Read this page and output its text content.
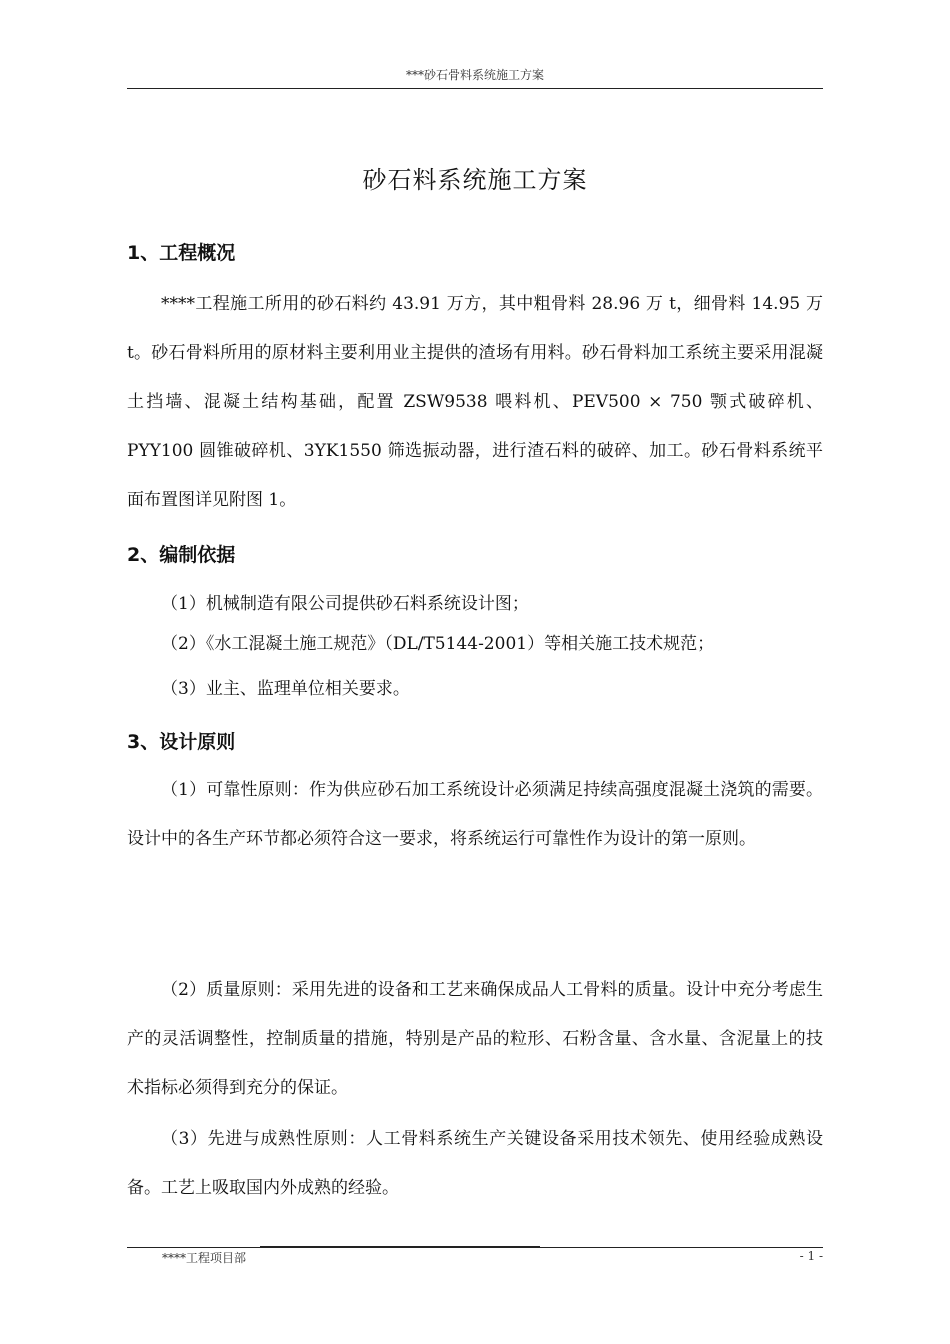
***砂石骨料系统施工方案
砂石料系统施工方案
1、工程概况

****工程施工所用的砂石料约 43.91 万方，其中粗骨料 28.96 万 t，细骨料 14.95 万 t。砂石骨料所用的原材料主要利用业主提供的渣场有用料。砂石骨料加工系统主要采用混凝土挡墙、混凝土结构基础，配置 ZSW9538 喂料机、PEV500 × 750 颚式破碎机、PYY100 圆锥破碎机、3YK1550 筛选振动器，进行渣石料的破碎、加工。砂石骨料系统平面布置图详见附图 1。

2、编制依据

（1）机械制造有限公司提供砂石料系统设计图；

（2）《水工混凝土施工规范》（DL/T5144-2001）等相关施工技术规范；

（3）业主、监理单位相关要求。

3、设计原则

（1）可靠性原则：作为供应砂石加工系统设计必须满足持续高强度混凝土浇筑的需要。设计中的各生产环节都必须符合这一要求，将系统运行可靠性作为设计的第一原则。

（2）质量原则：采用先进的设备和工艺来确保成品人工骨料的质量。设计中充分考虑生产的灵活调整性，控制质量的措施，特别是产品的粒形、石粉含量、含水量、含泥量上的技术指标必须得到充分的保证。

（3）先进与成熟性原则：人工骨料系统生产关键设备采用技术领先、使用经验成熟设备。工艺上吸取国内外成熟的经验。

****工程项目部	- 1 -
